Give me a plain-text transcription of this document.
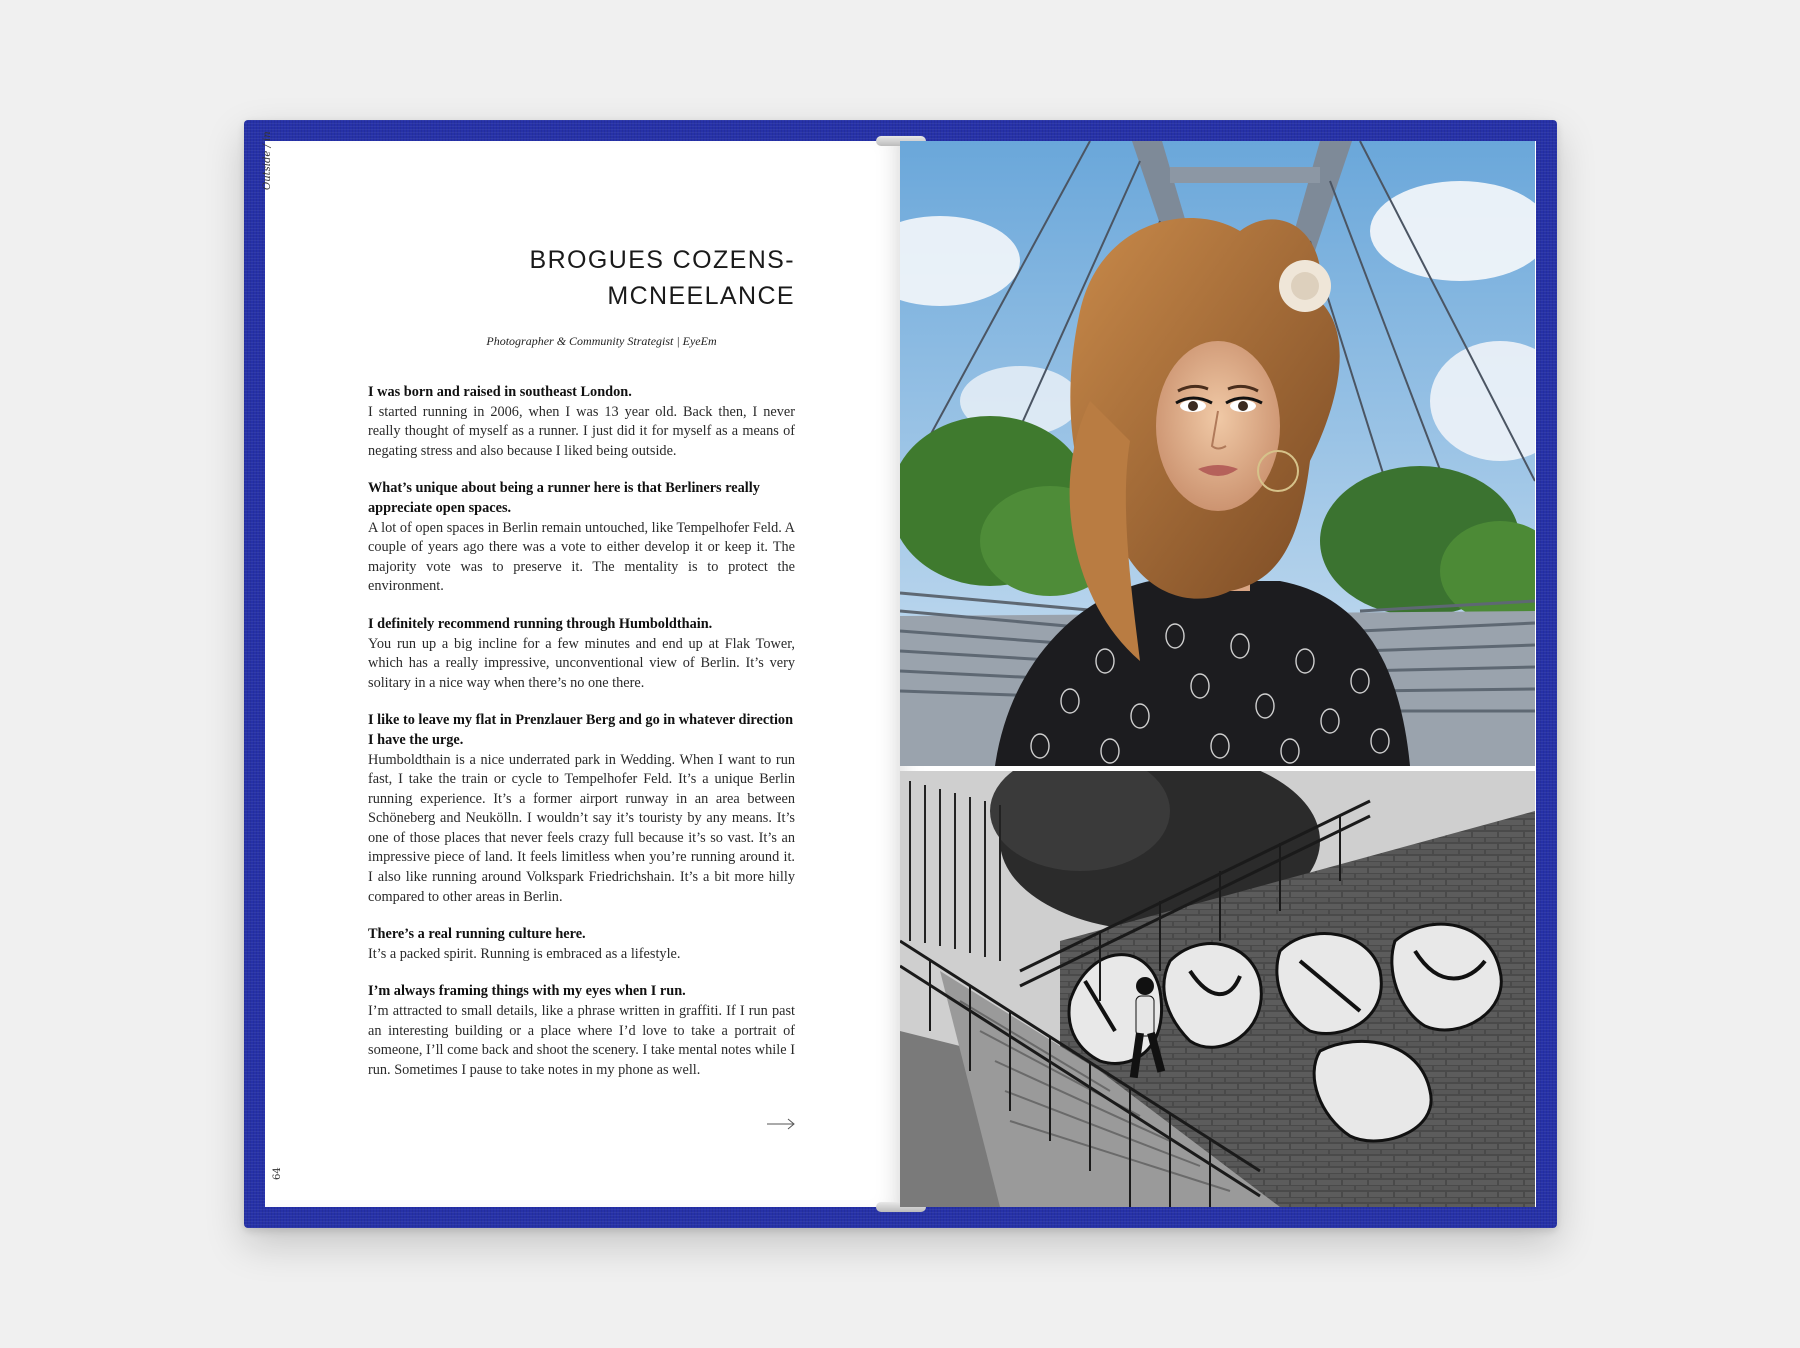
Outside / in
64
BROGUES COZENS-MCNEELANCE

Photographer & Community Strategist | EyeEm

I was born and raised in southeast London.

I started running in 2006, when I was 13 year old. Back then, I never really thought of myself as a runner. I just did it for myself as a means of negating stress and also because I liked being outside.

What’s unique about being a runner here is that Berliners really appreciate open spaces.

A lot of open spaces in Berlin remain untouched, like Tempelhofer Feld. A couple of years ago there was a vote to either develop it or keep it. The majority vote was to preserve it. The mentality is to protect the environment.

I definitely recommend running through Humboldthain.

You run up a big incline for a few minutes and end up at Flak Tower, which has a really impressive, unconventional view of Berlin. It’s very solitary in a nice way when there’s no one there.

I like to leave my flat in Prenzlauer Berg and go in whatever direction I have the urge.

Humboldthain is a nice underrated park in Wedding. When I want to run fast, I take the train or cycle to Tempelhofer Feld. It’s a unique Berlin running experience. It’s a former airport runway in an area between Schöneberg and Neukölln. I wouldn’t say it’s touristy by any means. It’s one of those places that never feels crazy full because it’s so vast. It’s an impressive piece of land. It feels limitless when you’re running around it. I also like running around Volkspark Friedrichshain. It’s a bit more hilly compared to other areas in Berlin.

There’s a real running culture here.

It’s a packed spirit. Running is embraced as a lifestyle.

I’m always framing things with my eyes when I run.

I’m attracted to small details, like a phrase written in graffiti. If I run past an interesting building or a place where I’d love to take a portrait of someone, I’ll come back and shoot the scenery. I take mental notes while I run. Sometimes I pause to take notes in my phone as well.
